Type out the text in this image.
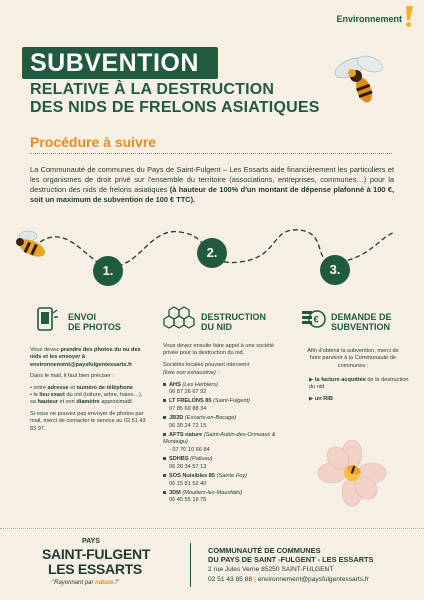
Environnement
SUBVENTION
RELATIVE À LA DESTRUCTION
DES NIDS DE FRELONS ASIATIQUES
Procédure à suivre
La Communauté de communes du Pays de Saint-Fulgent – Les Essarts aide financièrement les particuliers et les organismes de droit privé sur l'ensemble du territoire (associations, entreprises, communes…) pour la destruction des nids de frelons asiatiques (à hauteur de 100% d'un montant de dépense plafonné à 100 €, soit un maximum de subvention de 100 € TTC).
1.
2.
3.
ENVOI
DE PHOTOS
DESTRUCTION
DU NID
€ DEMANDE DE
SUBVENTION

Vous devez prendre des photos du ou des nids et les envoyer à
environnement@paysfulgentessarts.fr

Dans le mail, il faut bien préciser :

• votre adresse et numéro de téléphone
• le lieu exact du nid (toiture, arbre, haies…), sa hauteur et son diamètre approximatif.

Si vous ne pouvez pas envoyer de photos par mail, merci de contacter le service au 02 51 43 83 97.

Vous devez ensuite faire appel à une société privée pour la destruction du nid.

Sociétés locales pouvant intervenir

(liste non exhaustive) :

AHS (Les Herbiers)
06 87 26 67 92
LT FRELONS 85 (Saint-Fulgent)
07 85 69 88 34
JB3D (Essarts-en-Bocage)
06 30 24 72 15
AFTS nature (Saint-Aubin-des-Ormeaux & Montaigu)
- 07 70 10 66 84
SDHBS (Palluau)
06 26 34 57 13
SOS Nuisibles 85 (Sainte Foy)
06 15 81 52 40
3DM (Moutiers-les-Mauxfaits)
06 45 55 19 75

Afin d'obtenir la subvention, merci de faire parvenir à la Communauté de communes :

▶ la facture acquittée de la destruction du nid

▶ un RIB

PAYS
SAINT-FULGENT
LES ESSARTS
"Rayonnant par nature !"
COMMUNAUTÉ DE COMMUNES
DU PAYS DE SAINT -FULGENT - LES ESSARTS
2 rue Jules Verne 85250 SAINT-FULGENT
02 51 43 85 88 | environnement@paysfulgentessarts.fr
